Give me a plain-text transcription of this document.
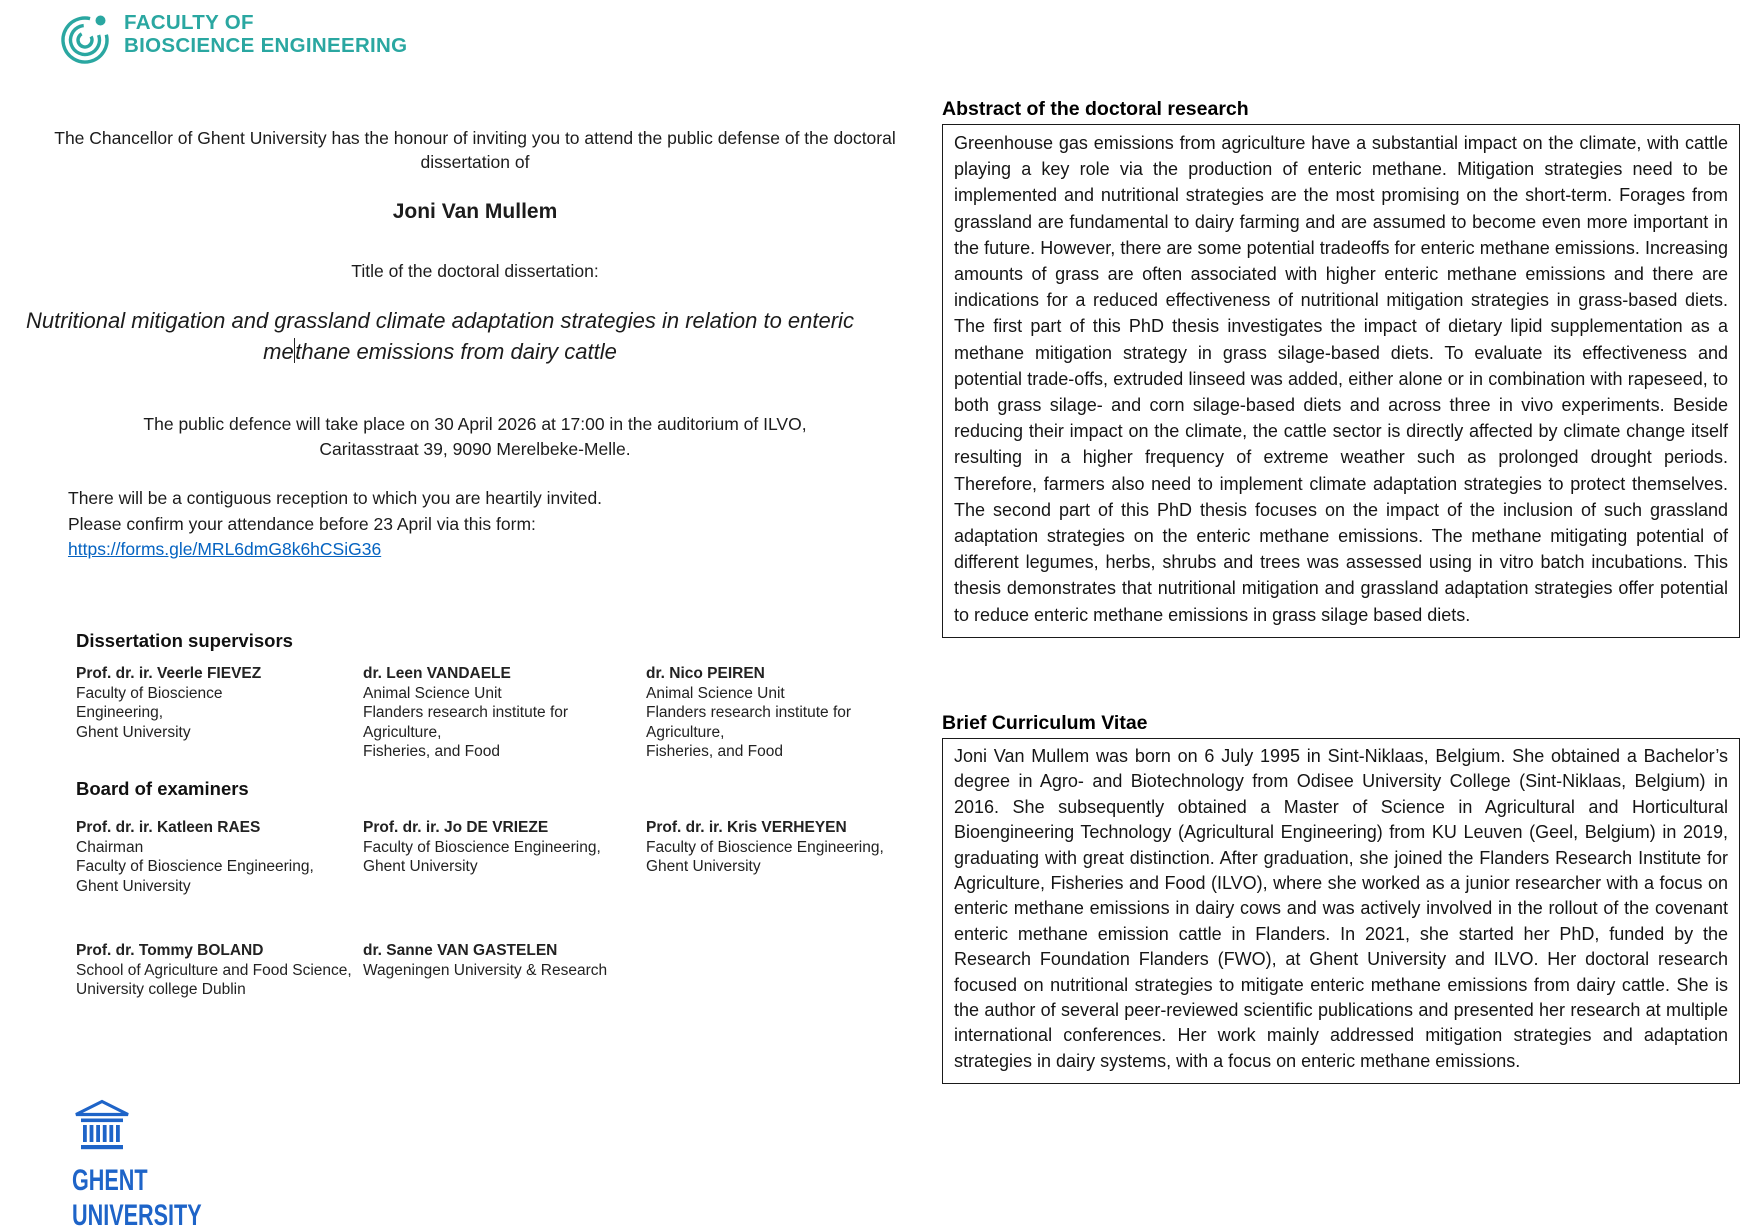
FACULTY OF
BIOSCIENCE ENGINEERING
The Chancellor of Ghent University has the honour of inviting you to attend the public defense of the doctoral dissertation of
Joni Van Mullem
Title of the doctoral dissertation:
Nutritional mitigation and grassland climate adaptation strategies in relation to enteric
methane emissions from dairy cattle
The public defence will take place on 30 April 2026 at 17:00 in the auditorium of ILVO,
Caritasstraat 39, 9090 Merelbeke-Melle.
There will be a contiguous reception to which you are heartily invited.
Please confirm your attendance before 23 April via this form:
https://forms.gle/MRL6dmG8k6hCSiG36
Dissertation supervisors
Prof. dr. ir. Veerle FIEVEZ
Faculty of Bioscience
Engineering,
Ghent University
dr. Leen VANDAELE
Animal Science Unit
Flanders research institute for Agriculture,
Fisheries, and Food
dr. Nico PEIREN
Animal Science Unit
Flanders research institute for Agriculture,
Fisheries, and Food
Board of examiners
Prof. dr. ir. Katleen RAES
Chairman
Faculty of Bioscience Engineering,
Ghent University
Prof. dr. ir. Jo DE VRIEZE
Faculty of Bioscience Engineering,
Ghent University
Prof. dr. ir. Kris VERHEYEN
Faculty of Bioscience Engineering,
Ghent University
Prof. dr. Tommy BOLAND
School of Agriculture and Food Science,
University college Dublin
dr. Sanne VAN GASTELEN
Wageningen University & Research
Abstract of the doctoral research
Greenhouse gas emissions from agriculture have a substantial impact on the climate, with cattle playing a key role via the production of enteric methane. Mitigation strategies need to be implemented and nutritional strategies are the most promising on the short-term. Forages from grassland are fundamental to dairy farming and are assumed to become even more important in the future. However, there are some potential tradeoffs for enteric methane emissions. Increasing amounts of grass are often associated with higher enteric methane emissions and there are indications for a reduced effectiveness of nutritional mitigation strategies in grass-based diets. The first part of this PhD thesis investigates the impact of dietary lipid supplementation as a methane mitigation strategy in grass silage-based diets. To evaluate its effectiveness and potential trade-offs, extruded linseed was added, either alone or in combination with rapeseed, to both grass silage- and corn silage-based diets and across three in vivo experiments. Beside reducing their impact on the climate, the cattle sector is directly affected by climate change itself resulting in a higher frequency of extreme weather such as prolonged drought periods. Therefore, farmers also need to implement climate adaptation strategies to protect themselves. The second part of this PhD thesis focuses on the impact of the inclusion of such grassland adaptation strategies on the enteric methane emissions. The methane mitigating potential of different legumes, herbs, shrubs and trees was assessed using in vitro batch incubations. This thesis demonstrates that nutritional mitigation and grassland adaptation strategies offer potential to reduce enteric methane emissions in grass silage based diets.
Brief Curriculum Vitae
Joni Van Mullem was born on 6 July 1995 in Sint-Niklaas, Belgium. She obtained a Bachelor’s degree in Agro- and Biotechnology from Odisee University College (Sint-Niklaas, Belgium) in 2016. She subsequently obtained a Master of Science in Agricultural and Horticultural Bioengineering Technology (Agricultural Engineering) from KU Leuven (Geel, Belgium) in 2019, graduating with great distinction. After graduation, she joined the Flanders Research Institute for Agriculture, Fisheries and Food (ILVO), where she worked as a junior researcher with a focus on enteric methane emissions in dairy cows and was actively involved in the rollout of the covenant enteric methane emission cattle in Flanders. In 2021, she started her PhD, funded by the Research Foundation Flanders (FWO), at Ghent University and ILVO. Her doctoral research focused on nutritional strategies to mitigate enteric methane emissions from dairy cattle. She is the author of several peer-reviewed scientific publications and presented her research at multiple international conferences. Her work mainly addressed mitigation strategies and adaptation strategies in dairy systems, with a focus on enteric methane emissions.
GHENT
UNIVERSITY
